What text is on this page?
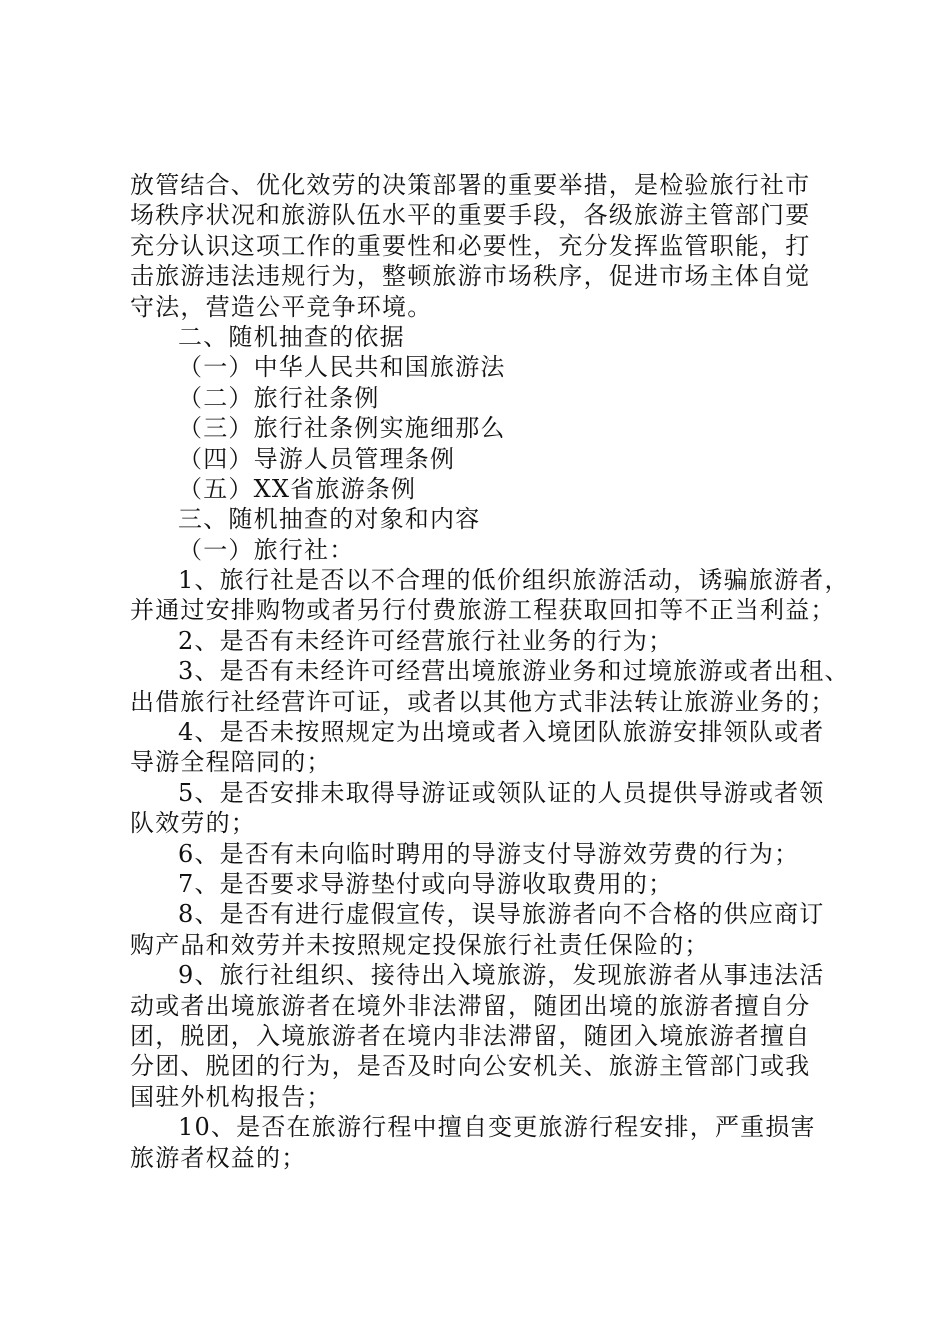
放管结合、优化效劳的决策部署的重要举措，是检验旅行社市
场秩序状况和旅游队伍水平的重要手段，各级旅游主管部门要
充分认识这项工作的重要性和必要性，充分发挥监管职能，打
击旅游违法违规行为，整顿旅游市场秩序，促进市场主体自觉
守法，营造公平竞争环境。
二、随机抽查的依据
（一）中华人民共和国旅游法
（二）旅行社条例
（三）旅行社条例实施细那么
（四）导游人员管理条例
（五）XX省旅游条例
三、随机抽查的对象和内容
（一）旅行社：
1、旅行社是否以不合理的低价组织旅游活动，诱骗旅游者，
并通过安排购物或者另行付费旅游工程获取回扣等不正当利益；
2、是否有未经许可经营旅行社业务的行为；
3、是否有未经许可经营出境旅游业务和过境旅游或者出租、
出借旅行社经营许可证，或者以其他方式非法转让旅游业务的；
4、是否未按照规定为出境或者入境团队旅游安排领队或者
导游全程陪同的；
5、是否安排未取得导游证或领队证的人员提供导游或者领
队效劳的；
6、是否有未向临时聘用的导游支付导游效劳费的行为；
7、是否要求导游垫付或向导游收取费用的；
8、是否有进行虚假宣传，误导旅游者向不合格的供应商订
购产品和效劳并未按照规定投保旅行社责任保险的；
9、旅行社组织、接待出入境旅游，发现旅游者从事违法活
动或者出境旅游者在境外非法滞留，随团出境的旅游者擅自分
团，脱团，入境旅游者在境内非法滞留，随团入境旅游者擅自
分团、脱团的行为，是否及时向公安机关、旅游主管部门或我
国驻外机构报告；
10、是否在旅游行程中擅自变更旅游行程安排，严重损害
旅游者权益的；
